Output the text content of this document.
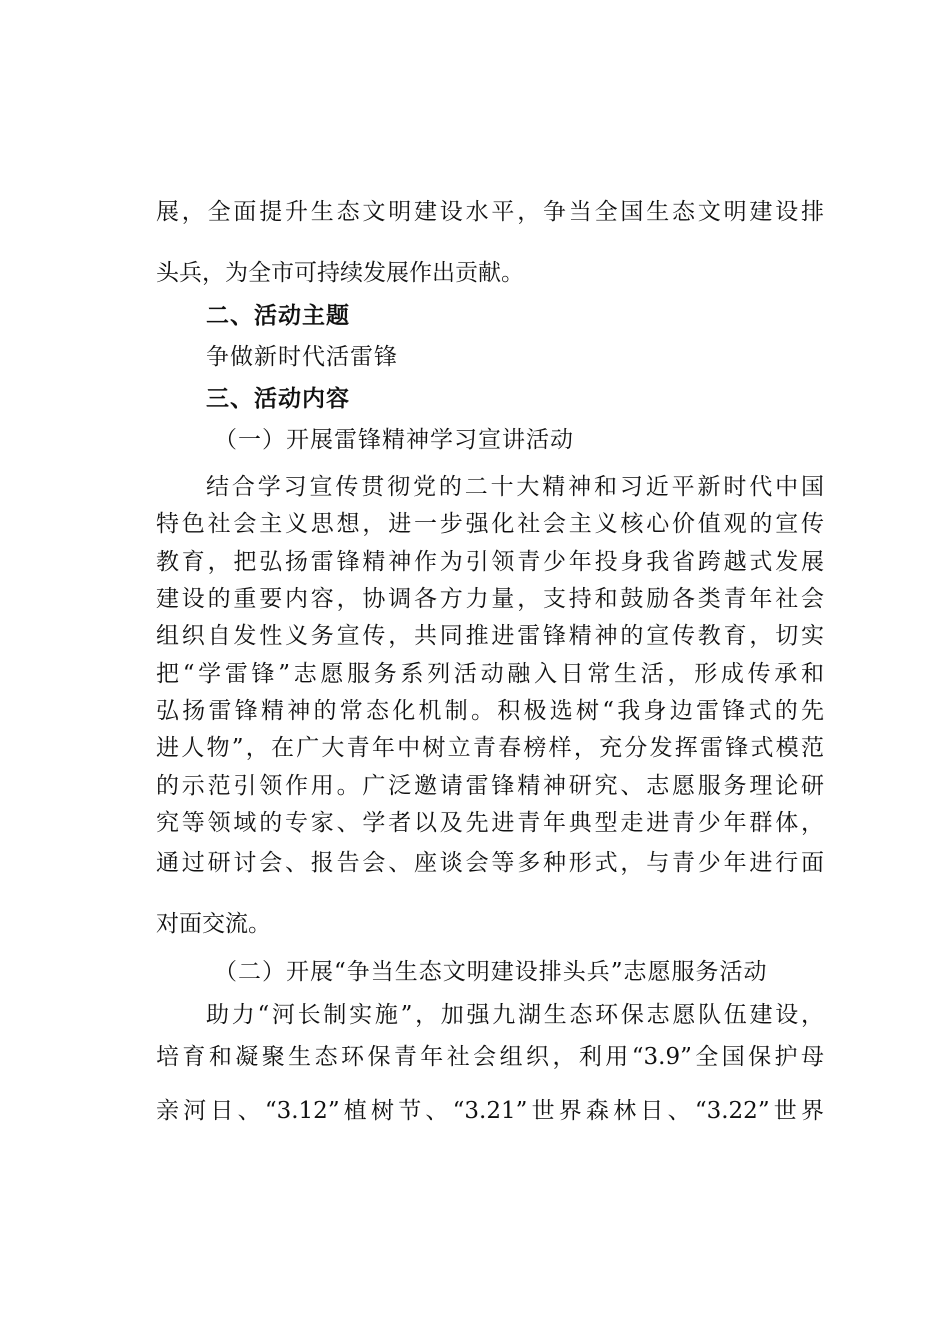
展，全面提升生态文明建设水平，争当全国生态文明建设排
头兵，为全市可持续发展作出贡献。
二、活动主题
争做新时代活雷锋
三、活动内容
（一）开展雷锋精神学习宣讲活动
结合学习宣传贯彻党的二十大精神和习近平新时代中国
特色社会主义思想，进一步强化社会主义核心价值观的宣传
教育，把弘扬雷锋精神作为引领青少年投身我省跨越式发展
建设的重要内容，协调各方力量，支持和鼓励各类青年社会
组织自发性义务宣传，共同推进雷锋精神的宣传教育，切实
把“学雷锋”志愿服务系列活动融入日常生活，形成传承和
弘扬雷锋精神的常态化机制。积极选树“我身边雷锋式的先
进人物”，在广大青年中树立青春榜样，充分发挥雷锋式模范
的示范引领作用。广泛邀请雷锋精神研究、志愿服务理论研
究等领域的专家、学者以及先进青年典型走进青少年群体，
通过研讨会、报告会、座谈会等多种形式，与青少年进行面
对面交流。
（二）开展“争当生态文明建设排头兵”志愿服务活动
助力“河长制实施”，加强九湖生态环保志愿队伍建设，
培育和凝聚生态环保青年社会组织，利用“3.9”全国保护母
亲河日、“3.12”植树节、“3.21”世界森林日、“3.22”世界
